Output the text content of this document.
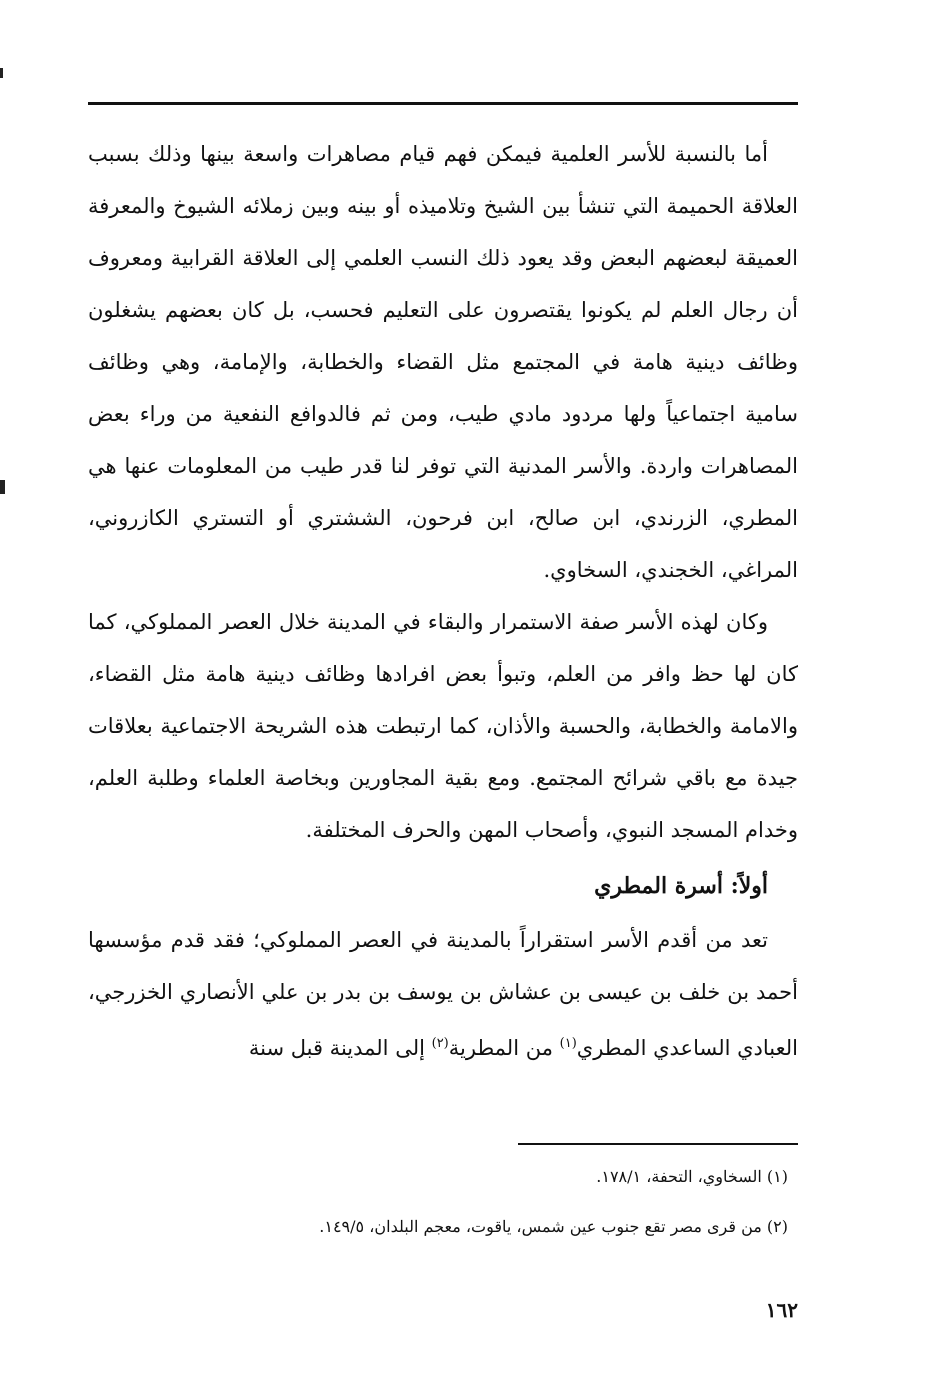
أما بالنسبة للأسر العلمية فيمكن فهم قيام مصاهرات واسعة بينها وذلك بسبب العلاقة الحميمة التي تنشأ بين الشيخ وتلاميذه أو بينه وبين زملائه الشيوخ والمعرفة العميقة لبعضهم البعض وقد يعود ذلك النسب العلمي إلى العلاقة القرابية ومعروف أن رجال العلم لم يكونوا يقتصرون على التعليم فحسب، بل كان بعضهم يشغلون وظائف دينية هامة في المجتمع مثل القضاء والخطابة، والإمامة، وهي وظائف سامية اجتماعياً ولها مردود مادي طيب، ومن ثم فالدوافع النفعية من وراء بعض المصاهرات واردة. والأسر المدنية التي توفر لنا قدر طيب من المعلومات عنها هي المطري، الزرندي، ابن صالح، ابن فرحون، الششتري أو التستري الكازروني، المراغي، الخجندي، السخاوي.

وكان لهذه الأسر صفة الاستمرار والبقاء في المدينة خلال العصر المملوكي، كما كان لها حظ وافر من العلم، وتبوأ بعض افرادها وظائف دينية هامة مثل القضاء، والامامة والخطابة، والحسبة والأذان، كما ارتبطت هذه الشريحة الاجتماعية بعلاقات جيدة مع باقي شرائح المجتمع. ومع بقية المجاورين وبخاصة العلماء وطلبة العلم، وخدام المسجد النبوي، وأصحاب المهن والحرف المختلفة.

أولاً: أسرة المطري

تعد من أقدم الأسر استقراراً بالمدينة في العصر المملوكي؛ فقد قدم مؤسسها أحمد بن خلف بن عيسى بن عشاش بن يوسف بن بدر بن علي الأنصاري الخزرجي، العبادي الساعدي المطري$^{(١)}$ من المطرية$^{(٢)}$ إلى المدينة قبل سنة

(١) السخاوي، التحفة، ١٧٨/١.

(٢) من قرى مصر تقع جنوب عين شمس، ياقوت، معجم البلدان، ١٤٩/٥.

١٦٢
